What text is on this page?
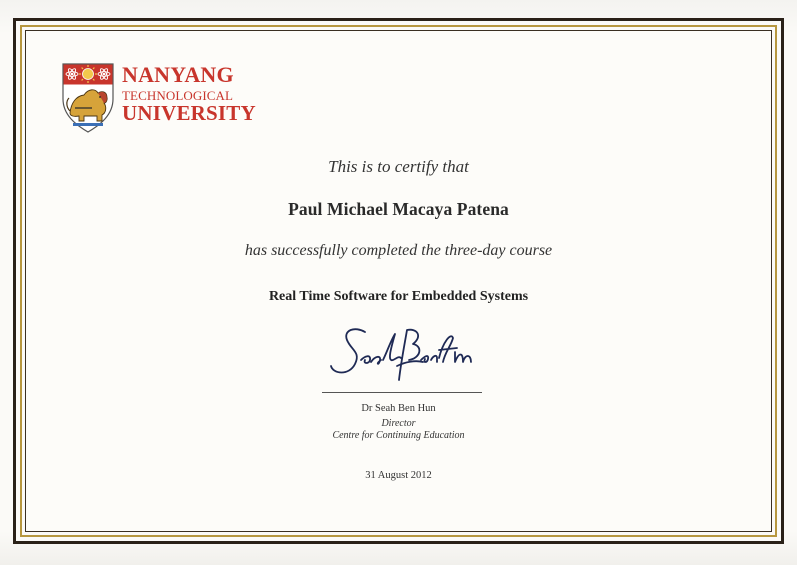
NANYANG
TECHNOLOGICAL
UNIVERSITY
This is to certify that
Paul Michael Macaya Patena
has successfully completed the three-day course
Real Time Software for Embedded Systems
Dr Seah Ben Hun
Director
Centre for Continuing Education
31 August 2012
